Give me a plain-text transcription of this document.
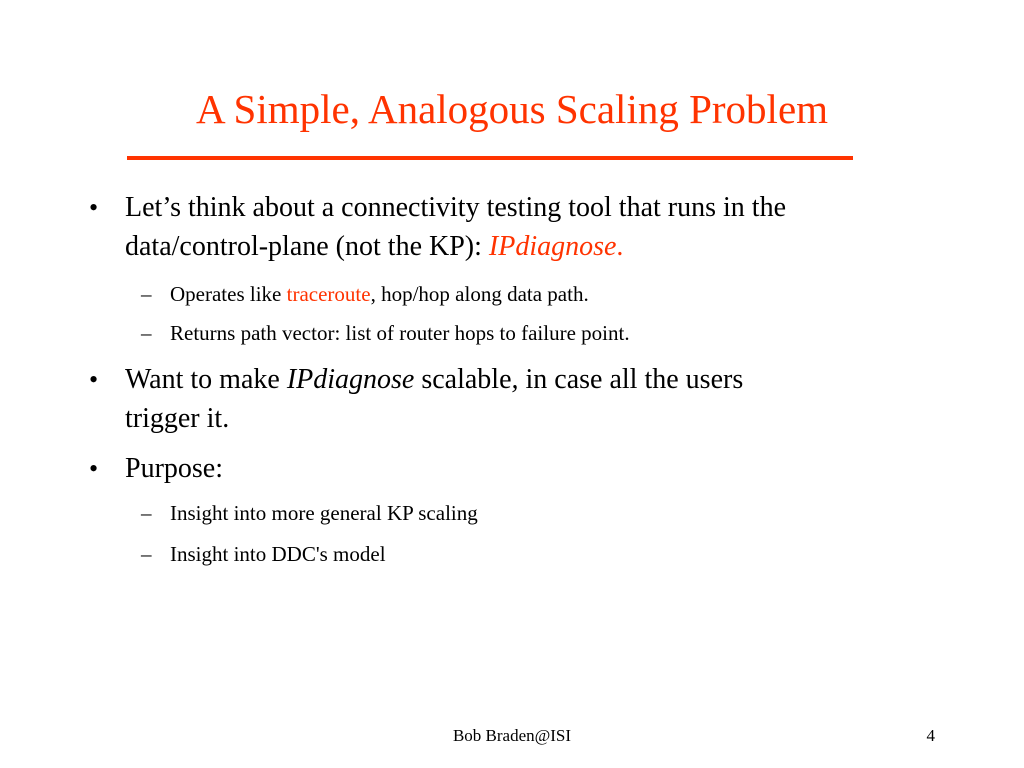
A Simple, Analogous Scaling Problem
• Let’s think about a connectivity testing tool that runs in the
data/control-plane (not the KP): IPdiagnose.
– Operates like traceroute, hop/hop along data path.
– Returns path vector: list of router hops to failure point.
• Want to make IPdiagnose scalable, in case all the users
trigger it.
• Purpose:
– Insight into more general KP scaling
– Insight into DDC's model
Bob Braden@ISI	4
